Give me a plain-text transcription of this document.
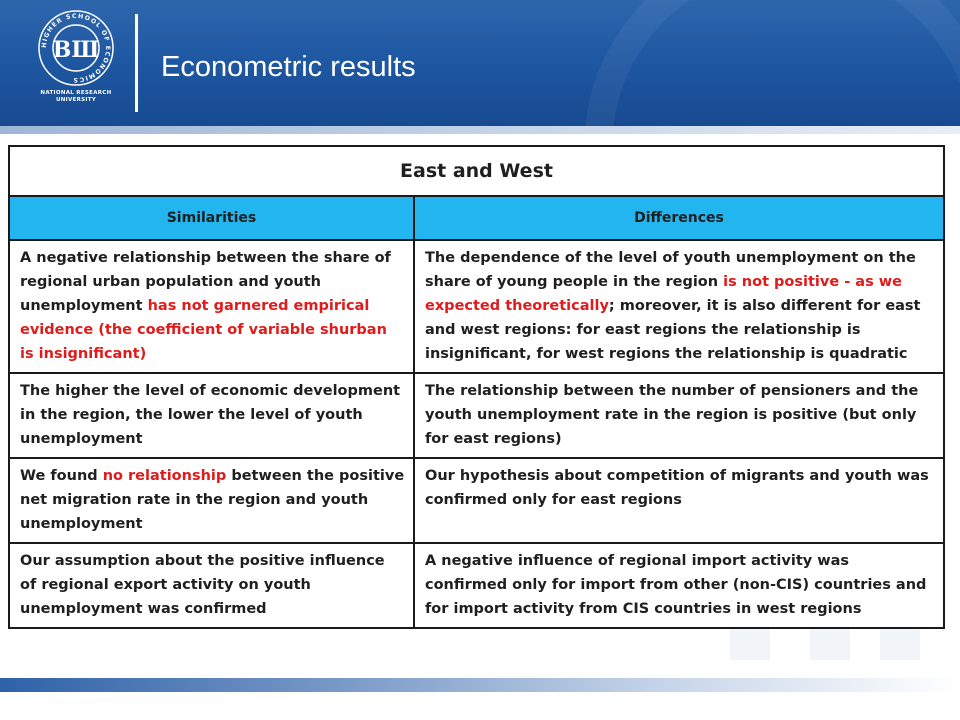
HIGHER SCHOOL OF ECONOMICS
ВШ
NATIONAL RESEARCH
UNIVERSITY
Econometric results
East and West	
Similarities	Differences
A negative relationship between the share of regional urban population and youth unemployment has not garnered empirical evidence (the coefficient of variable shurban is insignificant)	The dependence of the level of youth unemployment on the share of young people in the region is not positive - as we expected theoretically; moreover, it is also different for east and west regions: for east regions the relationship is insignificant, for west regions the relationship is quadratic
The higher the level of economic development in the region, the lower the level of youth unemployment	The relationship between the number of pensioners and the youth unemployment rate in the region is positive (but only for east regions)
We found no relationship between the positive net migration rate in the region and youth unemployment	Our hypothesis about competition of migrants and youth was confirmed only for east regions
Our assumption about the positive influence of regional export activity on youth unemployment was confirmed	A negative influence of regional import activity was confirmed only for import from other (non-CIS) countries and for import activity from CIS countries in west regions
